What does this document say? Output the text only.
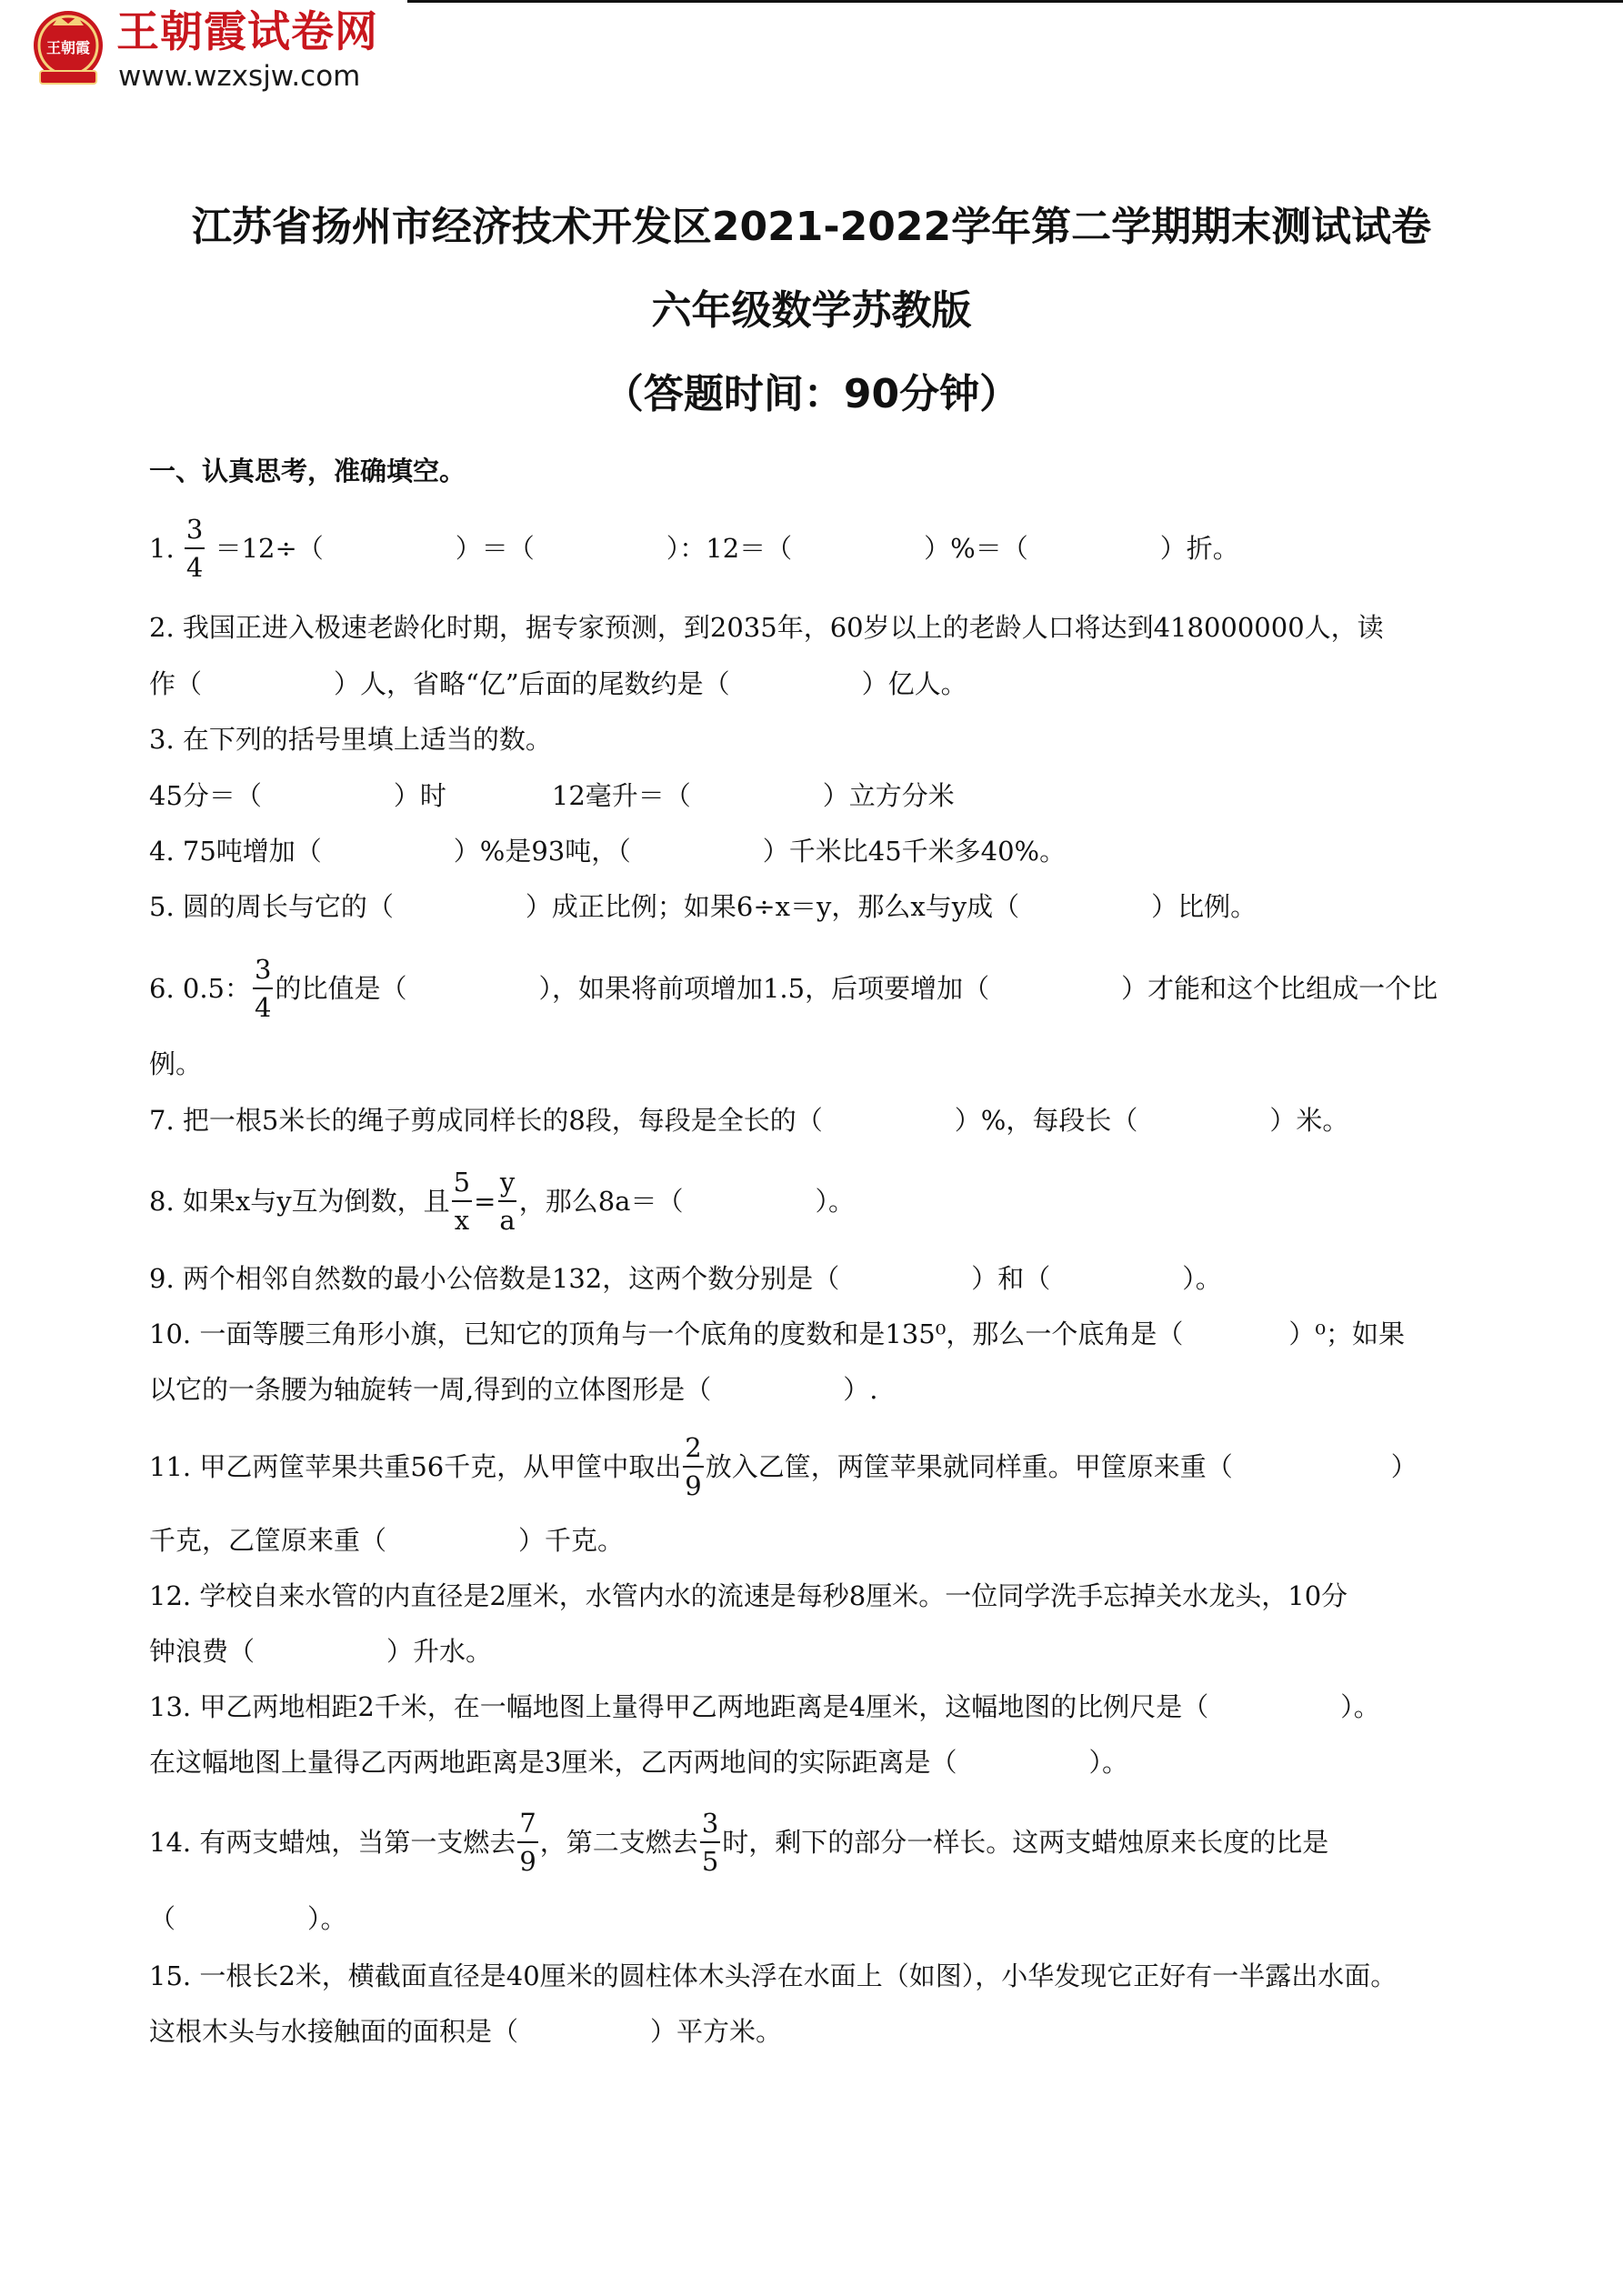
王朝霞 王朝霞试卷网
www.wzxsjw.com
江苏省扬州市经济技术开发区2021-2022学年第二学期期末测试试卷
六年级数学苏教版
（答题时间：90分钟）
一、认真思考，准确填空。
1. $\frac{3}{4} =12\div$（　　　　　）＝（　　　　　）：12＝（　　　　　）%＝（　　　　　）折。
2. 我国正进入极速老龄化时期，据专家预测，到2035年，60岁以上的老龄人口将达到418000000人，读
作（　　　　　）人，省略“亿”后面的尾数约是（　　　　　）亿人。
3. 在下列的括号里填上适当的数。
45分＝（　　　　　）时　　　　12毫升＝（　　　　　）立方分米
4. 75吨增加（　　　　　）%是93吨，（　　　　　）千米比45千米多40%。
5. 圆的周长与它的（　　　　　）成正比例；如果6÷x＝y，那么x与y成（　　　　　）比例。
6. 0.5： $\frac{3}{4}$ 的比值是（　　　　　），如果将前项增加1.5，后项要增加（　　　　　）才能和这个比组成一个比
例。
7. 把一根5米长的绳子剪成同样长的8段，每段是全长的（　　　　　）%，每段长（　　　　　）米。
8. 如果x与y互为倒数，且 $\frac{5}{x} = \frac{y}{a}$ ，那么8a＝（　　　　　）。
9. 两个相邻自然数的最小公倍数是132，这两个数分别是（　　　　　）和（　　　　　）。
10. 一面等腰三角形小旗，已知它的顶角与一个底角的度数和是135⁰，那么一个底角是（　　　　）⁰；如果
以它的一条腰为轴旋转一周,得到的立体图形是（　　　　　）.
11. 甲乙两筐苹果共重56千克，从甲筐中取出 $\frac{2}{9}$ 放入乙筐，两筐苹果就同样重。甲筐原来重（　　　　　　）
千克，乙筐原来重（　　　　　）千克。
12. 学校自来水管的内直径是2厘米，水管内水的流速是每秒8厘米。一位同学洗手忘掉关水龙头，10分
钟浪费（　　　　　）升水。
13. 甲乙两地相距2千米，在一幅地图上量得甲乙两地距离是4厘米，这幅地图的比例尺是（　　　　　）。
在这幅地图上量得乙丙两地距离是3厘米，乙丙两地间的实际距离是（　　　　　）。
14. 有两支蜡烛，当第一支燃去 $\frac{7}{9}$ ，第二支燃去 $\frac{3}{5}$ 时，剩下的部分一样长。这两支蜡烛原来长度的比是
（　　　　　）。
15. 一根长2米，横截面直径是40厘米的圆柱体木头浮在水面上（如图），小华发现它正好有一半露出水面。
这根木头与水接触面的面积是（　　　　　）平方米。
